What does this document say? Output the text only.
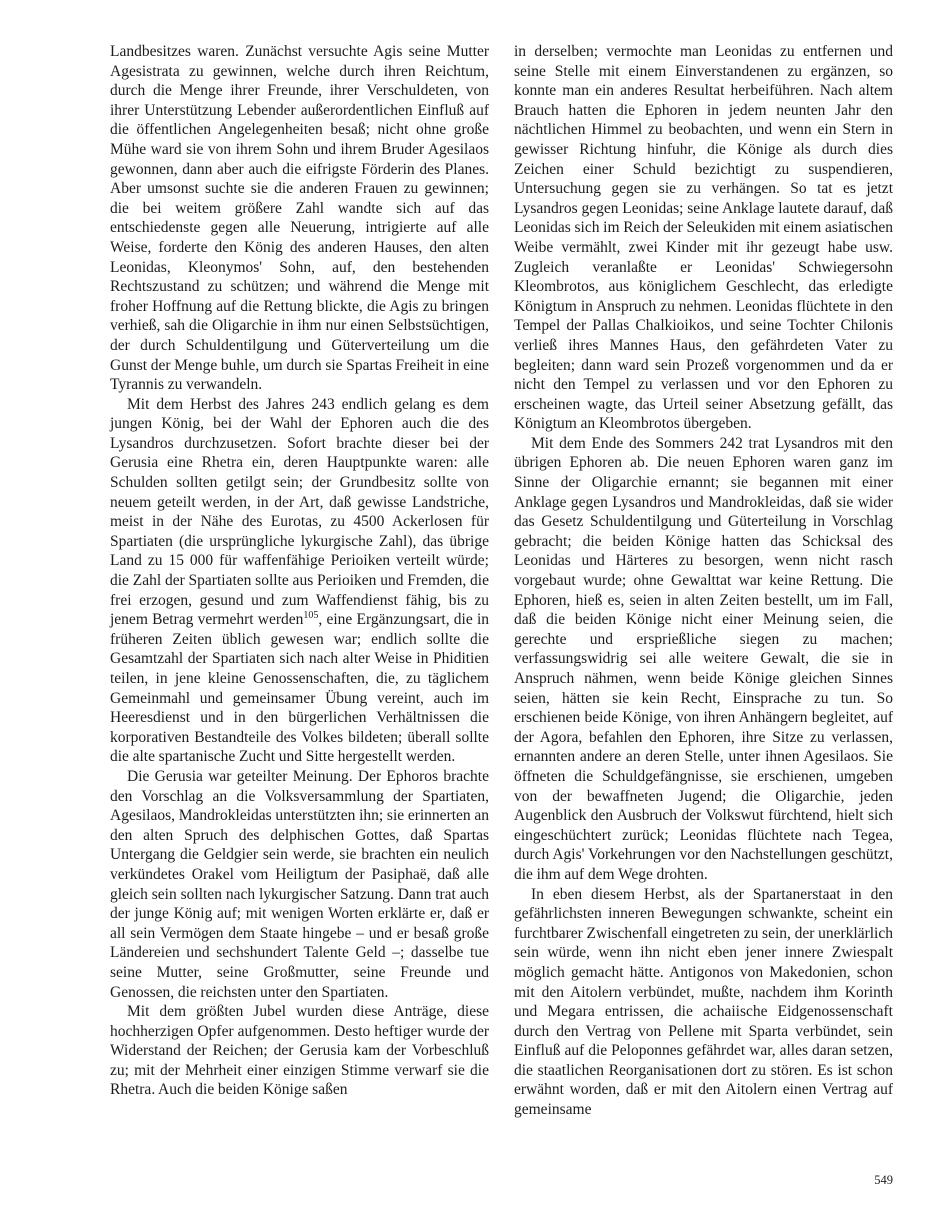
Landbesitzes waren. Zunächst versuchte Agis seine Mutter Agesistrata zu gewinnen, welche durch ihren Reichtum, durch die Menge ihrer Freunde, ihrer Verschuldeten, von ihrer Unterstützung Lebender außerordentlichen Einfluß auf die öffentlichen Angelegenheiten besaß; nicht ohne große Mühe ward sie von ihrem Sohn und ihrem Bruder Agesilaos gewonnen, dann aber auch die eifrigste Förderin des Planes. Aber umsonst suchte sie die anderen Frauen zu gewinnen; die bei weitem größere Zahl wandte sich auf das entschiedenste gegen alle Neuerung, intrigierte auf alle Weise, forderte den König des anderen Hauses, den alten Leonidas, Kleonymos' Sohn, auf, den bestehenden Rechtszustand zu schützen; und während die Menge mit froher Hoffnung auf die Rettung blickte, die Agis zu bringen verhieß, sah die Oligarchie in ihm nur einen Selbstsüchtigen, der durch Schuldentilgung und Güterverteilung um die Gunst der Menge buhle, um durch sie Spartas Freiheit in eine Tyrannis zu verwandeln.

Mit dem Herbst des Jahres 243 endlich gelang es dem jungen König, bei der Wahl der Ephoren auch die des Lysandros durchzusetzen. Sofort brachte dieser bei der Gerusia eine Rhetra ein, deren Hauptpunkte waren: alle Schulden sollten getilgt sein; der Grundbesitz sollte von neuem geteilt werden, in der Art, daß gewisse Landstriche, meist in der Nähe des Eurotas, zu 4500 Ackerlosen für Spartiaten (die ursprüngliche lykurgische Zahl), das übrige Land zu 15 000 für waffenfähige Perioiken verteilt würde; die Zahl der Spartiaten sollte aus Perioiken und Fremden, die frei erzogen, gesund und zum Waffendienst fähig, bis zu jenem Betrag vermehrt werden$^{105}$, eine Ergänzungsart, die in früheren Zeiten üblich gewesen war; endlich sollte die Gesamtzahl der Spartiaten sich nach alter Weise in Phiditien teilen, in jene kleine Genossenschaften, die, zu täglichem Gemeinmahl und gemeinsamer Übung vereint, auch im Heeresdienst und in den bürgerlichen Verhältnissen die korporativen Bestandteile des Volkes bildeten; überall sollte die alte spartanische Zucht und Sitte hergestellt werden.

Die Gerusia war geteilter Meinung. Der Ephoros brachte den Vorschlag an die Volksversammlung der Spartiaten, Agesilaos, Mandrokleidas unterstützten ihn; sie erinnerten an den alten Spruch des delphischen Gottes, daß Spartas Untergang die Geldgier sein werde, sie brachten ein neulich verkündetes Orakel vom Heiligtum der Pasiphaë, daß alle gleich sein sollten nach lykurgischer Satzung. Dann trat auch der junge König auf; mit wenigen Worten erklärte er, daß er all sein Vermögen dem Staate hingebe – und er besaß große Ländereien und sechshundert Talente Geld –; dasselbe tue seine Mutter, seine Großmutter, seine Freunde und Genossen, die reichsten unter den Spartiaten.

Mit dem größten Jubel wurden diese Anträge, diese hochherzigen Opfer aufgenommen. Desto heftiger wurde der Widerstand der Reichen; der Gerusia kam der Vorbeschluß zu; mit der Mehrheit einer einzigen Stimme verwarf sie die Rhetra. Auch die beiden Könige saßen

in derselben; vermochte man Leonidas zu entfernen und seine Stelle mit einem Einverstandenen zu ergänzen, so konnte man ein anderes Resultat herbeiführen. Nach altem Brauch hatten die Ephoren in jedem neunten Jahr den nächtlichen Himmel zu beobachten, und wenn ein Stern in gewisser Richtung hinfuhr, die Könige als durch dies Zeichen einer Schuld bezichtigt zu suspendieren, Untersuchung gegen sie zu verhängen. So tat es jetzt Lysandros gegen Leonidas; seine Anklage lautete darauf, daß Leonidas sich im Reich der Seleukiden mit einem asiatischen Weibe vermählt, zwei Kinder mit ihr gezeugt habe usw. Zugleich veranlaßte er Leonidas' Schwiegersohn Kleombrotos, aus königlichem Geschlecht, das erledigte Königtum in Anspruch zu nehmen. Leonidas flüchtete in den Tempel der Pallas Chalkioikos, und seine Tochter Chilonis verließ ihres Mannes Haus, den gefährdeten Vater zu begleiten; dann ward sein Prozeß vorgenommen und da er nicht den Tempel zu verlassen und vor den Ephoren zu erscheinen wagte, das Urteil seiner Absetzung gefällt, das Königtum an Kleombrotos übergeben.

Mit dem Ende des Sommers 242 trat Lysandros mit den übrigen Ephoren ab. Die neuen Ephoren waren ganz im Sinne der Oligarchie ernannt; sie begannen mit einer Anklage gegen Lysandros und Mandrokleidas, daß sie wider das Gesetz Schuldentilgung und Güterteilung in Vorschlag gebracht; die beiden Könige hatten das Schicksal des Leonidas und Härteres zu besorgen, wenn nicht rasch vorgebaut wurde; ohne Gewalttat war keine Rettung. Die Ephoren, hieß es, seien in alten Zeiten bestellt, um im Fall, daß die beiden Könige nicht einer Meinung seien, die gerechte und ersprießliche siegen zu machen; verfassungswidrig sei alle weitere Gewalt, die sie in Anspruch nähmen, wenn beide Könige gleichen Sinnes seien, hätten sie kein Recht, Einsprache zu tun. So erschienen beide Könige, von ihren Anhängern begleitet, auf der Agora, befahlen den Ephoren, ihre Sitze zu verlassen, ernannten andere an deren Stelle, unter ihnen Agesilaos. Sie öffneten die Schuldgefängnisse, sie erschienen, umgeben von der bewaffneten Jugend; die Oligarchie, jeden Augenblick den Ausbruch der Volkswut fürchtend, hielt sich eingeschüchtert zurück; Leonidas flüchtete nach Tegea, durch Agis' Vorkehrungen vor den Nachstellungen geschützt, die ihm auf dem Wege drohten.

In eben diesem Herbst, als der Spartanerstaat in den gefährlichsten inneren Bewegungen schwankte, scheint ein furchtbarer Zwischenfall eingetreten zu sein, der unerklärlich sein würde, wenn ihn nicht eben jener innere Zwiespalt möglich gemacht hätte. Antigonos von Makedonien, schon mit den Aitolern verbündet, mußte, nachdem ihm Korinth und Megara entrissen, die achaiische Eidgenossenschaft durch den Vertrag von Pellene mit Sparta verbündet, sein Einfluß auf die Peloponnes gefährdet war, alles daran setzen, die staatlichen Reorganisationen dort zu stören. Es ist schon erwähnt worden, daß er mit den Aitolern einen Vertrag auf gemeinsame

549
